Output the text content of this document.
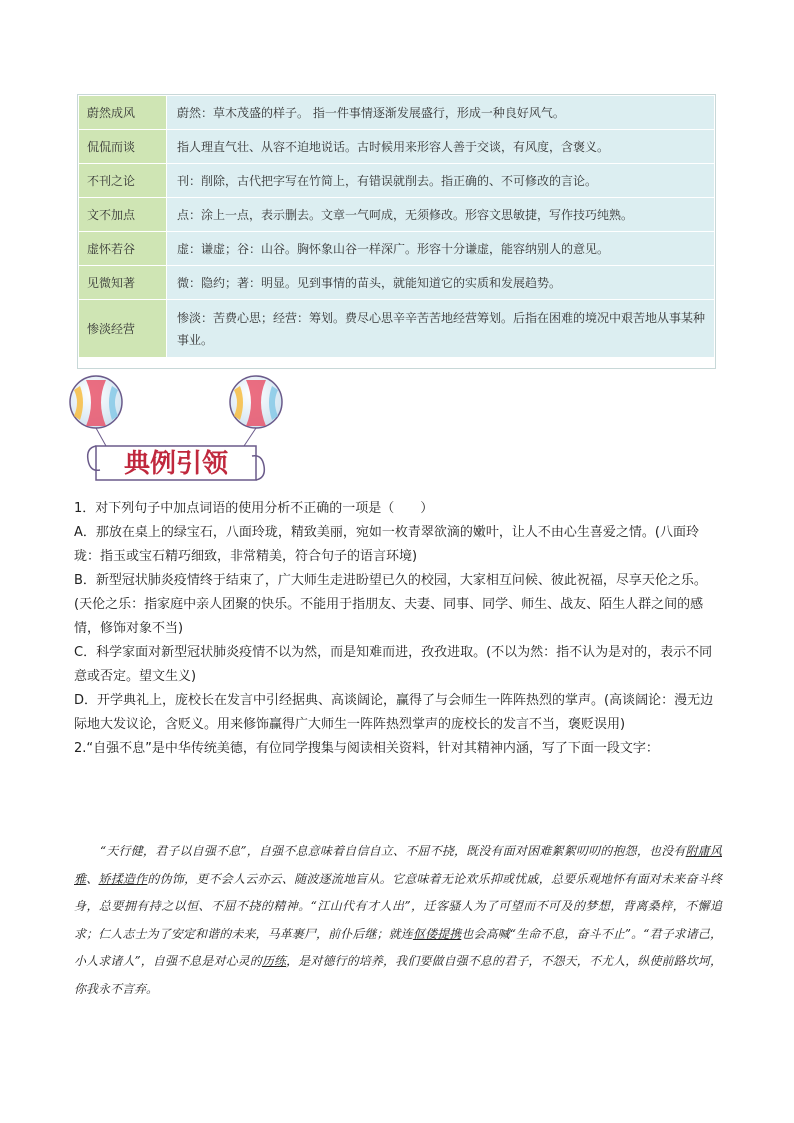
蔚然成风	蔚然：草木茂盛的样子。 指一件事情逐渐发展盛行，形成一种良好风气。
侃侃而谈	指人理直气壮、从容不迫地说话。古时候用来形容人善于交谈，有风度，含褒义。
不刊之论	刊：削除，古代把字写在竹简上，有错误就削去。指正确的、不可修改的言论。
文不加点	点：涂上一点，表示删去。文章一气呵成，无须修改。形容文思敏捷，写作技巧纯熟。
虚怀若谷	虚：谦虚；谷：山谷。胸怀象山谷一样深广。形容十分谦虚，能容纳别人的意见。
见微知著	微：隐约；著：明显。见到事情的苗头，就能知道它的实质和发展趋势。
惨淡经营	惨淡：苦费心思；经营：筹划。费尽心思辛辛苦苦地经营筹划。后指在困难的境况中艰苦地从事某种事业。
典例引领

1．对下列句子中加点词语的使用分析不正确的一项是（　　）

A．那放在桌上的绿宝石，八面玲珑，精致美丽，宛如一枚青翠欲滴的嫩叶，让人不由心生喜爱之情。(八面玲珑：指玉或宝石精巧细致，非常精美，符合句子的语言环境)

B．新型冠状肺炎疫情终于结束了，广大师生走进盼望已久的校园，大家相互问候、彼此祝福，尽享天伦之乐。(天伦之乐：指家庭中亲人团聚的快乐。不能用于指朋友、夫妻、同事、同学、师生、战友、陌生人群之间的感情，修饰对象不当)

C．科学家面对新型冠状肺炎疫情不以为然，而是知难而进，孜孜进取。(不以为然：指不认为是对的，表示不同意或否定。望文生义)

D．开学典礼上，庞校长在发言中引经据典、高谈阔论，赢得了与会师生一阵阵热烈的掌声。(高谈阔论：漫无边际地大发议论，含贬义。用来修饰赢得广大师生一阵阵热烈掌声的庞校长的发言不当，褒贬误用)

2.“自强不息”是中华传统美德，有位同学搜集与阅读相关资料，针对其精神内涵，写了下面一段文字：

“天行健，君子以自强不息”，自强不息意味着自信自立、不屈不挠，既没有面对困难絮絮叨叨的抱怨，也没有附庸风雅、矫揉造作的伪饰，更不会人云亦云、随波逐流地盲从。它意味着无论欢乐抑或忧戚，总要乐观地怀有面对未来奋斗终身，总要拥有持之以恒、不屈不挠的精神。“江山代有才人出”，迁客骚人为了可望而不可及的梦想，背离桑梓，不懈追求；仁人志士为了安定和谐的未来，马革裹尸，前仆后继；就连伛偻提携也会高喊“生命不息，奋斗不止”。“君子求诸己，小人求诸人”，自强不息是对心灵的历练，是对德行的培养，我们要做自强不息的君子，不怨天，不尤人，纵使前路坎坷，你我永不言弃。
